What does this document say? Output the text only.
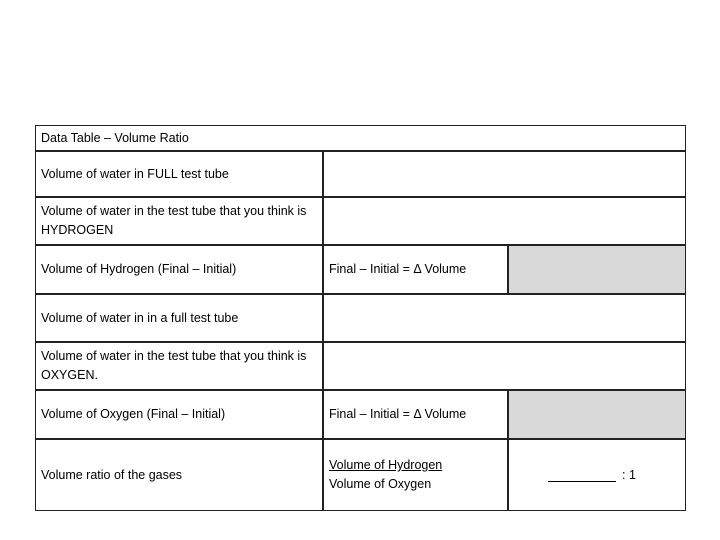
Data Table – Volume Ratio
Volume of water in FULL test tube
Volume of water in the test tube that you think is HYDROGEN
Volume of Hydrogen (Final – Initial)	Final – Initial = Δ Volume
Volume of water in in a full test tube
Volume of water in the test tube that you think is OXYGEN.
Volume of Oxygen (Final – Initial)	Final – Initial = Δ Volume
Volume ratio of the gases
Volume of Hydrogen
Volume of Oxygen
: 1
